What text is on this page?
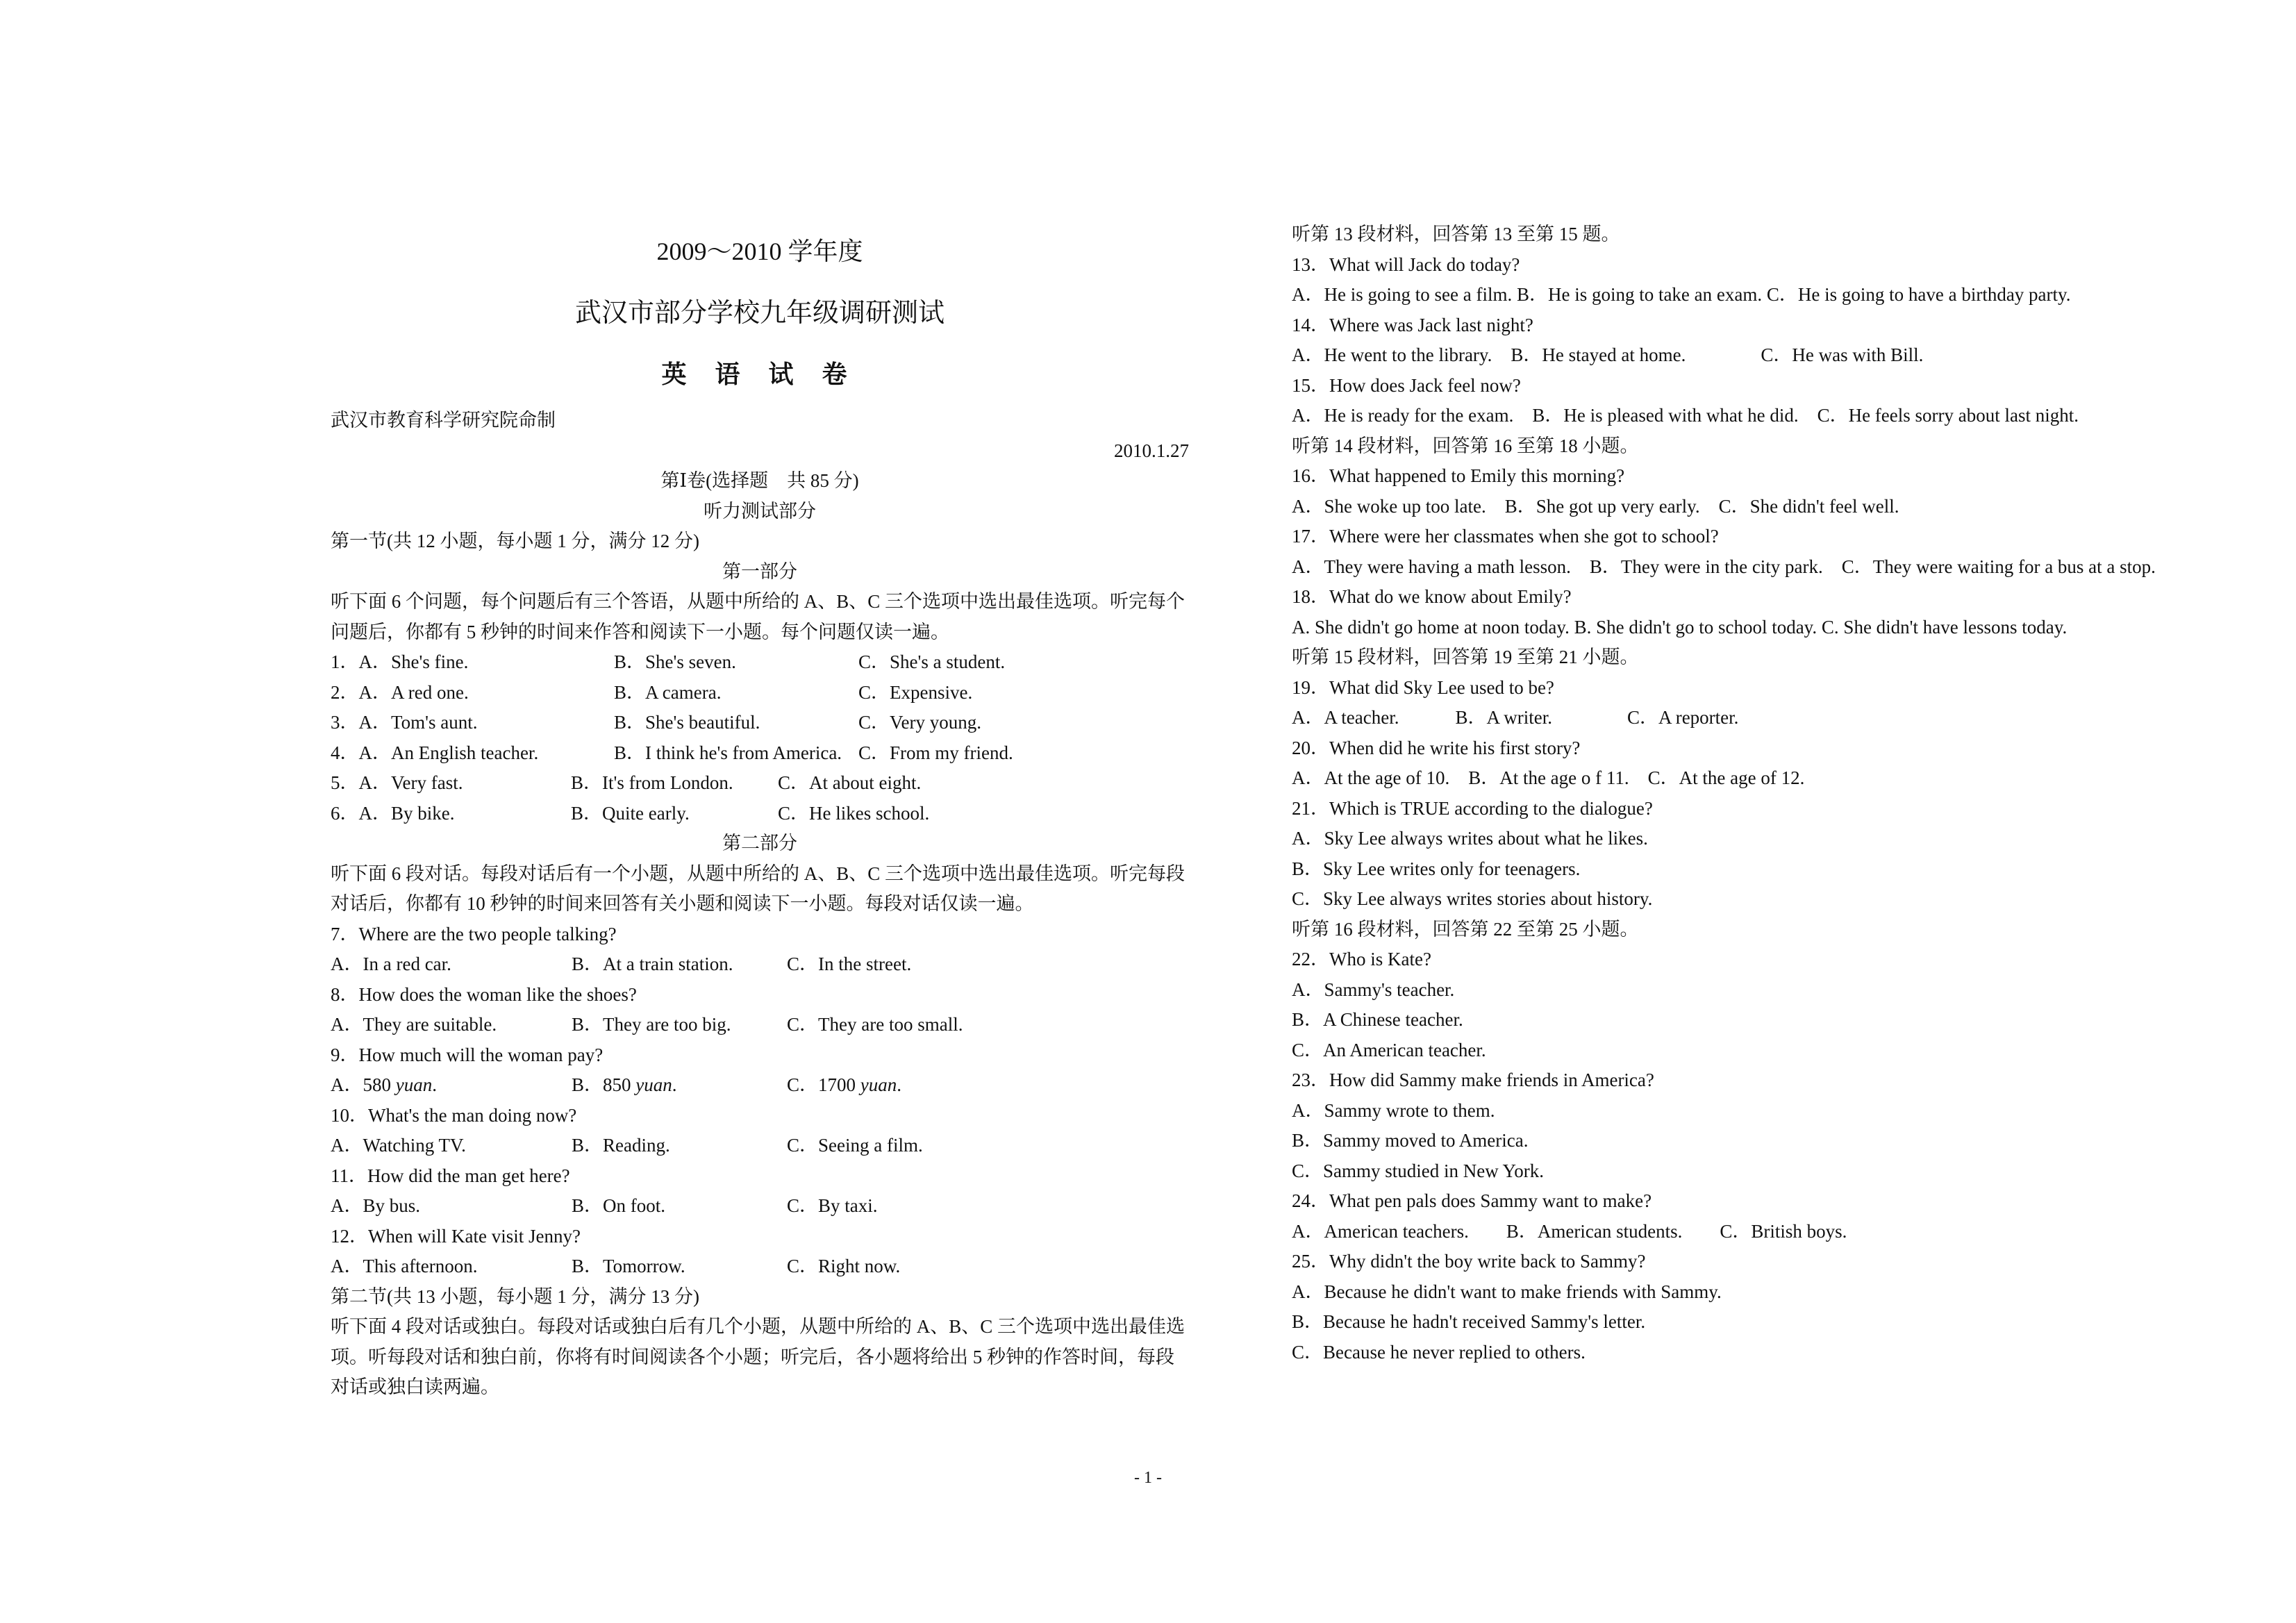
2009～2010 学年度
武汉市部分学校九年级调研测试
英 语 试 卷
武汉市教育科学研究院命制
2010.1.27
第Ⅰ卷(选择题　共 85 分)
听力测试部分
第一节(共 12 小题，每小题 1 分，满分 12 分)
第一部分
听下面 6 个问题，每个问题后有三个答语，从题中所给的 A、B、C 三个选项中选出最佳选项。听完每个问题后，你都有 5 秒钟的时间来作答和阅读下一小题。每个问题仅读一遍。
1．A．She's fine.	B．She's seven.	C．She's a student.
2．A．A red one.	B．A camera.	C．Expensive.
3．A．Tom's aunt.	B．She's beautiful.	C．Very young.
4．A．An English teacher.	B．I think he's from America. C．From my friend.
5．A．Very fast.	B．It's from London. C．At about eight.
6．A．By bike.	B．Quite early.	C．He likes school.
第二部分
听下面 6 段对话。每段对话后有一个小题，从题中所给的 A、B、C 三个选项中选出最佳选项。听完每段对话后，你都有 10 秒钟的时间来回答有关小题和阅读下一小题。每段对话仅读一遍。
7．Where are the two people talking?
A．In a red car.	B．At a train station.	C．In the street.
8．How does the woman like the shoes?
A．They are suitable.	B．They are too big.	C．They are too small.
9．How much will the woman pay?
A．580 yuan.	B．850 yuan.	C．1700 yuan.
10．What's the man doing now?
A．Watching TV.	B．Reading.	C．Seeing a film.
11．How did the man get here?
A．By bus.	B．On foot.	C．By taxi.
12．When will Kate visit Jenny?
A．This afternoon.	B．Tomorrow.	C．Right now.
第二节(共 13 小题，每小题 1 分，满分 13 分)
听下面 4 段对话或独白。每段对话或独白后有几个小题，从题中所给的 A、B、C 三个选项中选出最佳选项。听每段对话和独白前，你将有时间阅读各个小题；听完后，各小题将给出 5 秒钟的作答时间，每段对话或独白读两遍。
听第 13 段材料，回答第 13 至第 15 题。
13．What will Jack do today?
A．He is going to see a film. B．He is going to take an exam. C．He is going to have a birthday party.
14．Where was Jack last night?
A．He went to the library.　B．He stayed at home.　　　　C．He was with Bill.
15．How does Jack feel now?
A．He is ready for the exam.　B．He is pleased with what he did.　C．He feels sorry about last night.
听第 14 段材料，回答第 16 至第 18 小题。
16．What happened to Emily this morning?
A．She woke up too late.　B．She got up very early.　C．She didn't feel well.
17．Where were her classmates when she got to school?
A．They were having a math lesson.　B．They were in the city park.　C．They were waiting for a bus at a stop.
18．What do we know about Emily?
A. She didn't go home at noon today. B. She didn't go to school today. C. She didn't have lessons today.
听第 15 段材料，回答第 19 至第 21 小题。
19．What did Sky Lee used to be?
A．A teacher.　　　B．A writer.　　　　C．A reporter.
20．When did he write his first story?
A．At the age of 10.　B．At the age o f 11.　C．At the age of 12.
21．Which is TRUE according to the dialogue?
A．Sky Lee always writes about what he likes.
B．Sky Lee writes only for teenagers.
C．Sky Lee always writes stories about history.
听第 16 段材料，回答第 22 至第 25 小题。
22．Who is Kate?
A．Sammy's teacher.
B．A Chinese teacher.
C．An American teacher.
23．How did Sammy make friends in America?
A．Sammy wrote to them.
B．Sammy moved to America.
C．Sammy studied in New York.
24．What pen pals does Sammy want to make?
A．American teachers.　　B．American students.　　C．British boys.
25．Why didn't the boy write back to Sammy?
A．Because he didn't want to make friends with Sammy.
B．Because he hadn't received Sammy's letter.
C．Because he never replied to others.
- 1 -
